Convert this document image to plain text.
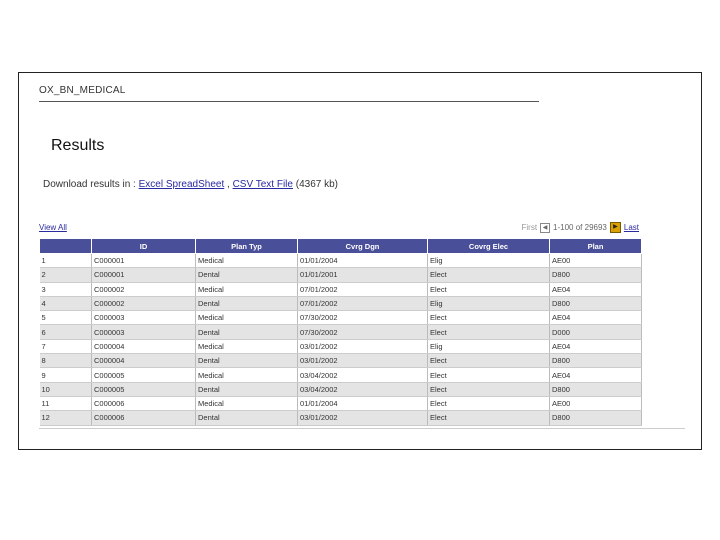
OX_BN_MEDICAL
Results
Download results in : Excel SpreadSheet , CSV Text File (4367 kb)
View All	First ◀ 1-100 of 29693	▶ Last
	ID	Plan Typ	Cvrg Dgn	Covrg Elec	Plan
1	C000001	Medical	01/01/2004	Elig	AE00
2	C000001	Dental	01/01/2001	Elect	D800
3	C000002	Medical	07/01/2002	Elect	AE04
4	C000002	Dental	07/01/2002	Elig	D800
5	C000003	Medical	07/30/2002	Elect	AE04
6	C000003	Dental	07/30/2002	Elect	D000
7	C000004	Medical	03/01/2002	Elig	AE04
8	C000004	Dental	03/01/2002	Elect	D800
9	C000005	Medical	03/04/2002	Elect	AE04
10	C000005	Dental	03/04/2002	Elect	D800
11	C000006	Medical	01/01/2004	Elect	AE00
12	C000006	Dental	03/01/2002	Elect	D800
